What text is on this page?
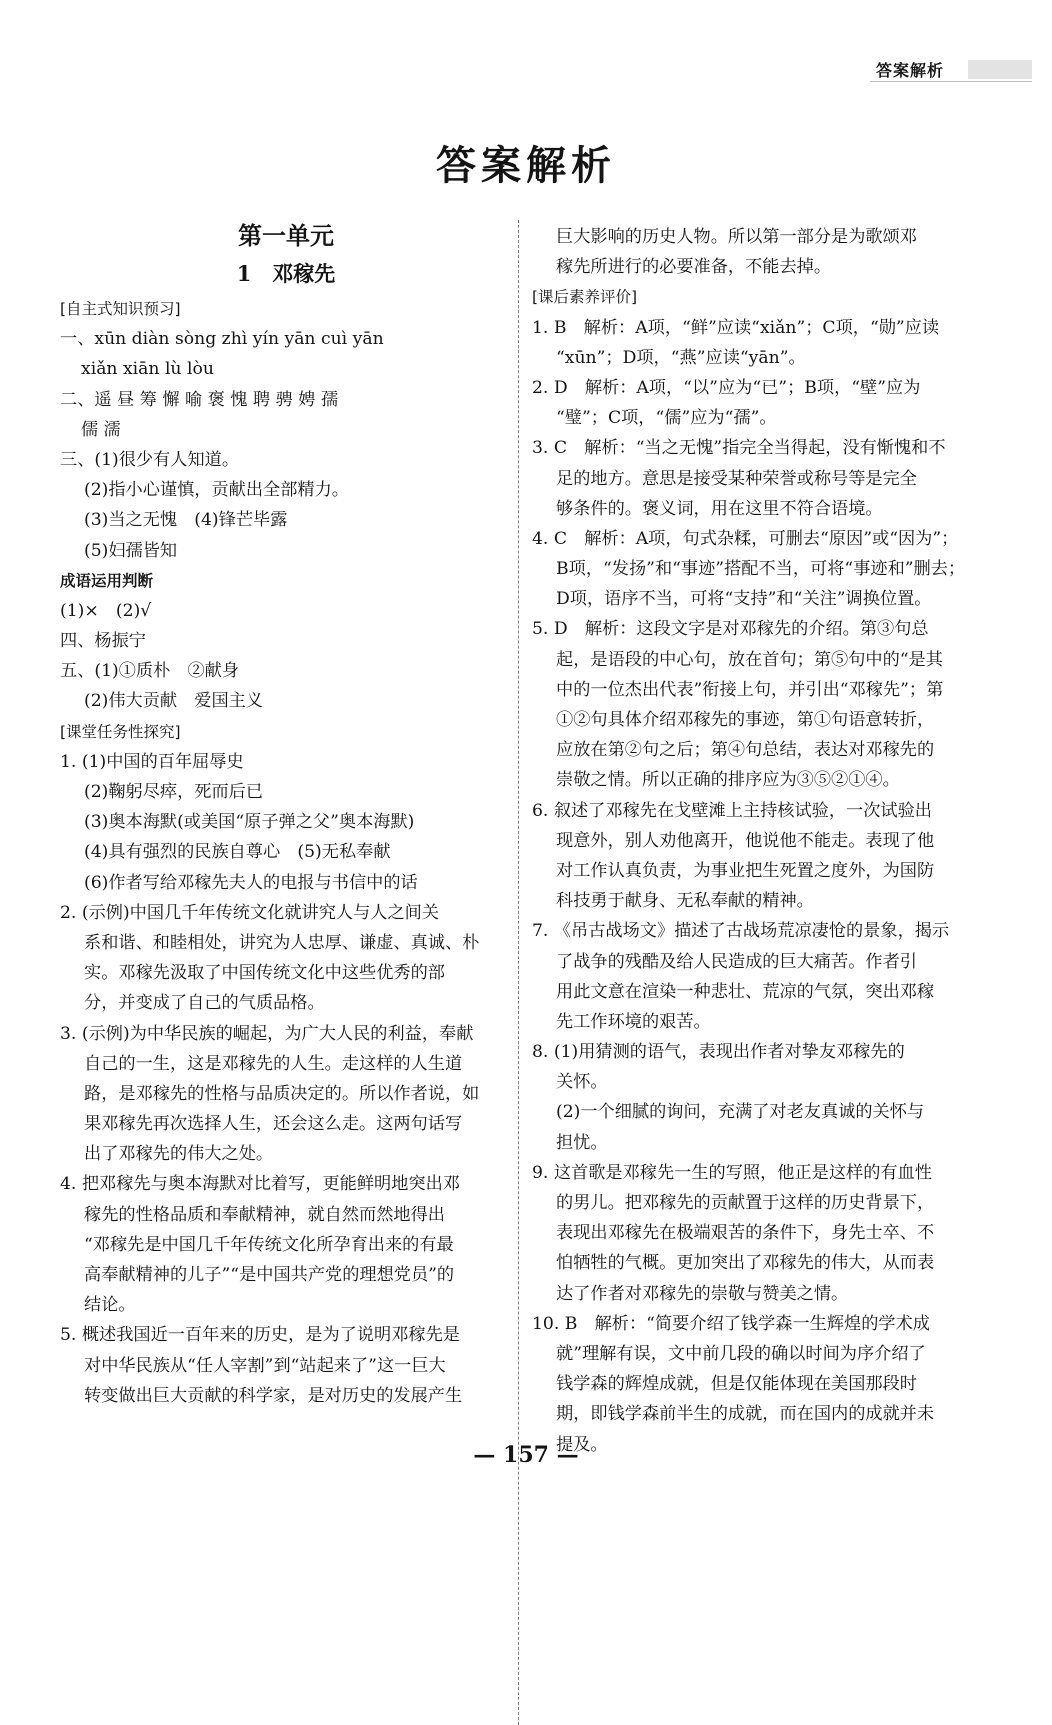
答案解析
答案解析
第一单元
1　邓稼先
[自主式知识预习]
一、xūn diàn sòng zhì yín yān cuì yān
xiǎn xiān lù lòu
二、遥 昼 筹 懈 喻 褒 愧 聘 骋 娉 孺
儒 濡
三、(1)很少有人知道。
(2)指小心谨慎，贡献出全部精力。
(3)当之无愧　(4)锋芒毕露
(5)妇孺皆知
成语运用判断
(1)×　(2)√
四、杨振宁
五、(1)①质朴　②献身
(2)伟大贡献　爱国主义
[课堂任务性探究]
1. (1)中国的百年屈辱史
(2)鞠躬尽瘁，死而后已
(3)奥本海默(或美国“原子弹之父”奥本海默)
(4)具有强烈的民族自尊心　(5)无私奉献
(6)作者写给邓稼先夫人的电报与书信中的话
2. (示例)中国几千年传统文化就讲究人与人之间关
系和谐、和睦相处，讲究为人忠厚、谦虚、真诚、朴
实。邓稼先汲取了中国传统文化中这些优秀的部
分，并变成了自己的气质品格。
3. (示例)为中华民族的崛起，为广大人民的利益，奉献
自己的一生，这是邓稼先的人生。走这样的人生道
路，是邓稼先的性格与品质决定的。所以作者说，如
果邓稼先再次选择人生，还会这么走。这两句话写
出了邓稼先的伟大之处。
4. 把邓稼先与奥本海默对比着写，更能鲜明地突出邓
稼先的性格品质和奉献精神，就自然而然地得出
“邓稼先是中国几千年传统文化所孕育出来的有最
高奉献精神的儿子”“是中国共产党的理想党员”的
结论。
5. 概述我国近一百年来的历史，是为了说明邓稼先是
对中华民族从“任人宰割”到“站起来了”这一巨大
转变做出巨大贡献的科学家，是对历史的发展产生
巨大影响的历史人物。所以第一部分是为歌颂邓
稼先所进行的必要准备，不能去掉。
[课后素养评价]
1. B　解析：A项，“鲜”应读“xiǎn”；C项，“勋”应读
“xūn”；D项，“燕”应读“yān”。
2. D　解析：A项，“以”应为“已”；B项，“壁”应为
“璧”；C项，“儒”应为“孺”。
3. C　解析：“当之无愧”指完全当得起，没有惭愧和不
足的地方。意思是接受某种荣誉或称号等是完全
够条件的。褒义词，用在这里不符合语境。
4. C　解析：A项，句式杂糅，可删去“原因”或“因为”；
B项，“发扬”和“事迹”搭配不当，可将“事迹和”删去；
D项，语序不当，可将“支持”和“关注”调换位置。
5. D　解析：这段文字是对邓稼先的介绍。第③句总
起，是语段的中心句，放在首句；第⑤句中的“是其
中的一位杰出代表”衔接上句，并引出“邓稼先”；第
①②句具体介绍邓稼先的事迹，第①句语意转折，
应放在第②句之后；第④句总结，表达对邓稼先的
崇敬之情。所以正确的排序应为③⑤②①④。
6. 叙述了邓稼先在戈壁滩上主持核试验，一次试验出
现意外，别人劝他离开，他说他不能走。表现了他
对工作认真负责，为事业把生死置之度外，为国防
科技勇于献身、无私奉献的精神。
7. 《吊古战场文》描述了古战场荒凉凄怆的景象，揭示
了战争的残酷及给人民造成的巨大痛苦。作者引
用此文意在渲染一种悲壮、荒凉的气氛，突出邓稼
先工作环境的艰苦。
8. (1)用猜测的语气，表现出作者对挚友邓稼先的
关怀。
(2)一个细腻的询问，充满了对老友真诚的关怀与
担忧。
9. 这首歌是邓稼先一生的写照，他正是这样的有血性
的男儿。把邓稼先的贡献置于这样的历史背景下，
表现出邓稼先在极端艰苦的条件下，身先士卒、不
怕牺牲的气概。更加突出了邓稼先的伟大，从而表
达了作者对邓稼先的崇敬与赞美之情。
10. B　解析：“简要介绍了钱学森一生辉煌的学术成
就”理解有误，文中前几段的确以时间为序介绍了
钱学森的辉煌成就，但是仅能体现在美国那段时
期，即钱学森前半生的成就，而在国内的成就并未
提及。
— 157 —
